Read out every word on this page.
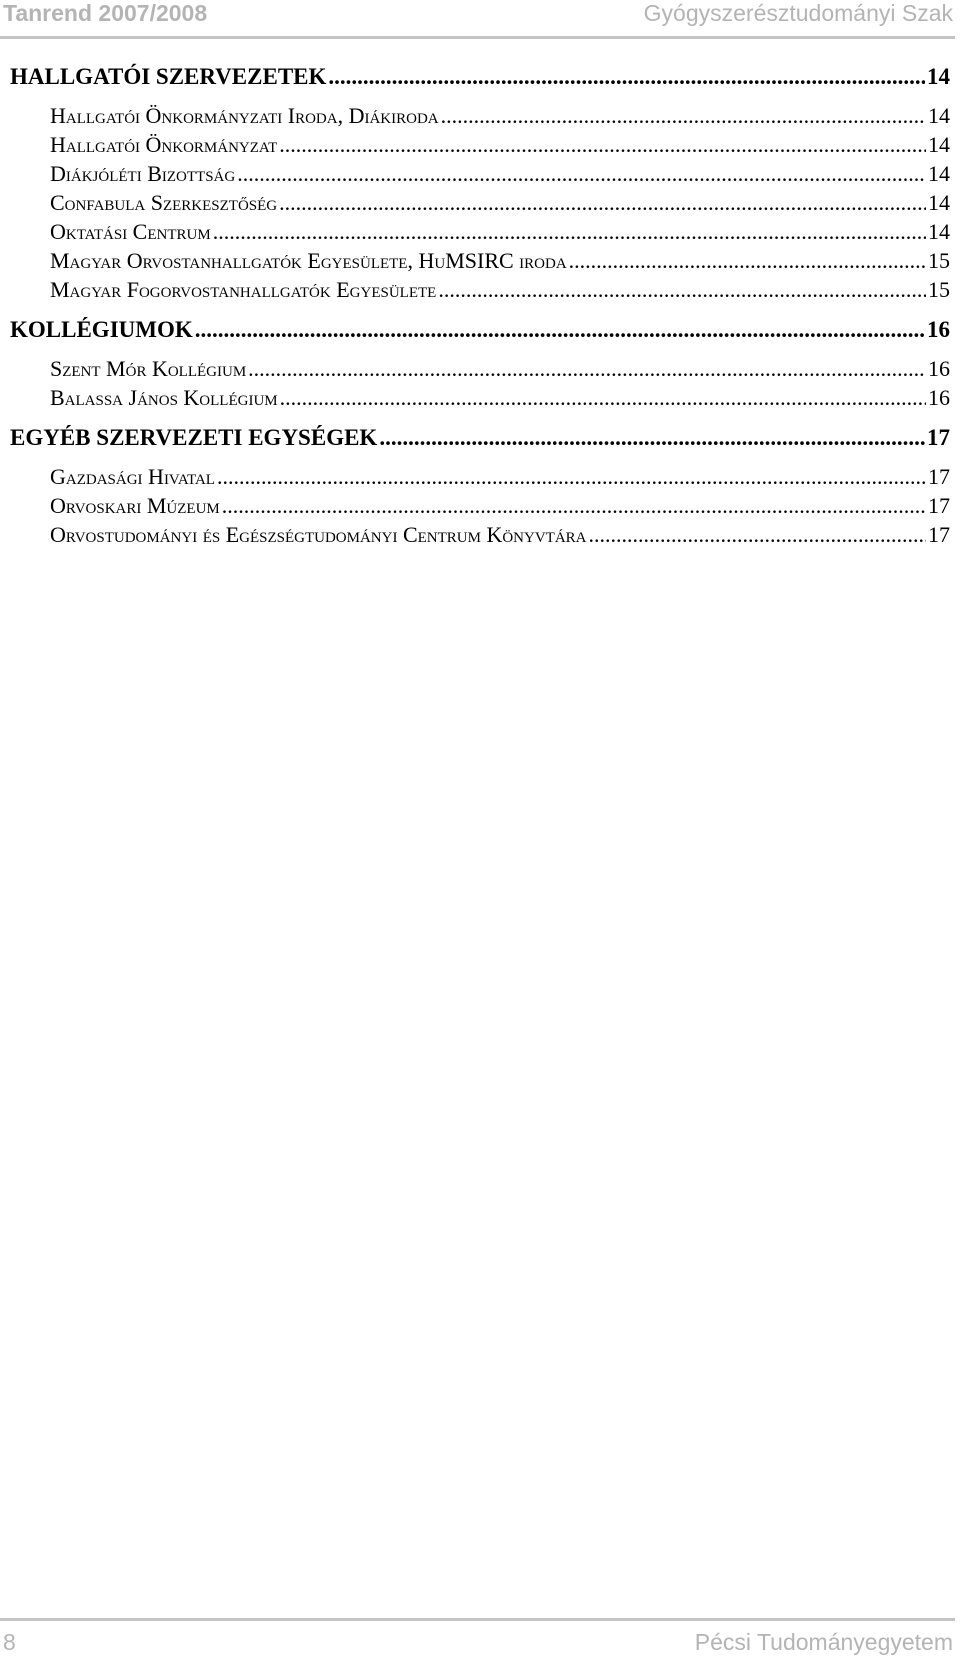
Tanrend 2007/2008	Gyógyszerésztudományi Szak
HALLGATÓI SZERVEZETEK .....	14
Hallgatói Önkormányzati Iroda, Diákiroda .....	14
Hallgatói Önkormányzat .....	14
Diákjóléti Bizottság .....	14
Confabula Szerkesztőség .....	14
Oktatási Centrum .....	14
Magyar Orvostanhallgatók Egyesülete, HuMSIRC iroda .....	15
Magyar Fogorvostanhallgatók Egyesülete .....	15
KOLLÉGIUMOK .....	16
Szent Mór Kollégium .....	16
Balassa János Kollégium .....	16
EGYÉB SZERVEZETI EGYSÉGEK .....	17
Gazdasági Hivatal .....	17
Orvoskari Múzeum .....	17
Orvostudományi és Egészségtudományi Centrum Könyvtára .....	17
8	Pécsi Tudományegyetem
